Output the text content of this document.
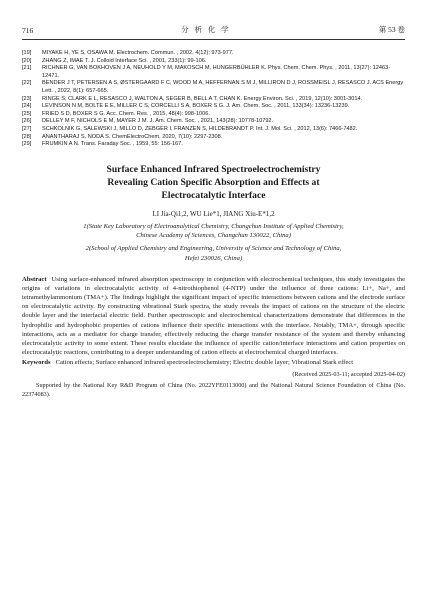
716	分 析 化 学	第 53 卷
[19]	MIYAKE H, YE S, OSAWA M. Electrochem. Commun. , 2002, 4(12): 973-977.
[20]	ZHANG Z, IMAE T. J. Colloid Interface Sci. , 2001, 233(1): 99-106.
[21]	RICHNER G, VAN BOKHOVEN J A, NEUHOLD Y M, MAKOSCH M, HUNGERBÜHLER K. Phys. Chem. Chem. Phys. , 2011, 13(27): 12463-12471.
[22]	BENDER J T, PETERSEN A S, ØSTERGAARD F C, WOOD M A, HEFFERNAN S M J, MILLIRON D J, ROSSMEISL J, RESASCO J. ACS Energy Lett. , 2022, 8(1): 657-665.
[23]	RINGE S, CLARK E L, RESASCO J, WALTON A, SEGER B, BELL A T, CHAN K. Energy Environ. Sci. , 2019, 12(10): 3001-3014.
[24]	LEVINSON N M, BOLTE E E, MILLER C S, CORCELLI S A, BOXER S G. J. Am. Chem. Soc. , 2011, 133(34): 13236-13239.
[25]	FRIED S D, BOXER S G. Acc. Chem. Res. , 2015, 48(4): 998-1006.
[26]	DELLEY M F, NICHOLS E M, MAYER J M. J. Am. Chem. Soc. , 2021, 143(28): 10778-10792.
[27]	SCHKOLNIK G, SALEWSKI J, MILLO D, ZEBGER I, FRANZEN S, HILDEBRANDT P. Int. J. Mol. Sci. , 2012, 13(6): 7466-7482.
[28]	ANANTHARAJ S, NODA S. ChemElectroChem, 2020, 7(10): 2297-2308.
[29]	FRUMKIN A N. Trans. Faraday Soc. , 1959, 55: 156-167.

Surface Enhanced Infrared Spectroelectrochemistry
Revealing Cation Specific Absorption and Effects at
Electrocatalytic Interface

LI Jia-Qi1,2, WU Lie*1, JIANG Xiu-E*1,2
1(State Key Laboratory of Electroanalytical Chemistry, Changchun Institute of Applied Chemistry,
Chinese Academy of Sciences, Changchun 130022, China)
2(School of Applied Chemistry and Engineering, University of Science and Technology of China,
Hefei 230026, China)
Abstract Using surface-enhanced infrared absorption spectroscopy in conjunction with electrochemical techniques, this study investigates the origins of variations in electrocatalytic activity of 4-nitrothiophenol (4-NTP) under the influence of three cations: Li+, Na+, and tetramethylammonium (TMA+). The findings highlight the significant impact of specific interactions between cations and the electrode surface on electrocatalytic activity. By constructing vibrational Stark spectra, the study reveals the impact of cations on the structure of the electric double layer and the interfacial electric field. Further spectroscopic and electrochemical characterizations demonstrate that differences in the hydrophilic and hydrophobic properties of cations influence their specific interactions with the interface. Notably, TMA+, through specific interactions, acts as a mediator for charge transfer, effectively reducing the charge transfer resistance of the system and thereby enhancing electrocatalytic activity to some extent. These results elucidate the influence of specific cation/interface interactions and cation properties on electrocatalytic reactions, contributing to a deeper understanding of cation effects at electrochemical charged interfaces.
Keywords Cation effects; Surface enhanced infrared spectroelectrochemistry; Electric double layer; Vibrational Stark effect
(Received 2025-03-11; accepted 2025-04-02)
Supported by the National Key R&D Program of China (No. 2022YFE0113000) and the National Natural Science Foundation of China (No. 22374083).
